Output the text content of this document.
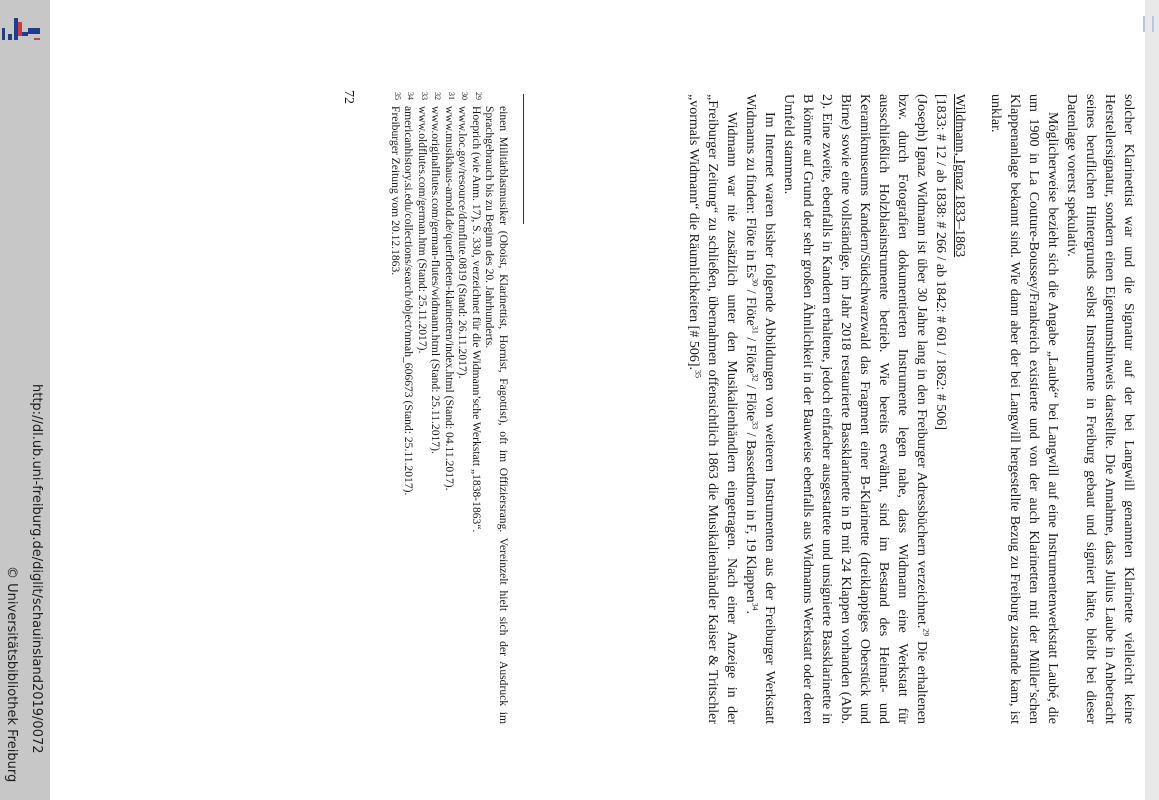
http://dl.ub.uni-freiburg.de/diglit/schauinsland2019/0072
© Universitätsbibliothek Freiburg	solcher Klarinettist war und die Signatur auf der bei Langwill genannten Klarinette vielleicht keine Herstellersignatur, sondern einen Eigentumshinweis darstellte. Die Annahme, dass Julius Laube in Anbetracht seines beruflichen Hintergrunds selbst Instrumente in Freiburg gebaut und signiert hätte, bleibt bei dieser Datenlage vorerst spekulativ.

Möglicherweise bezieht sich die Angabe „Laubé“ bei Langwill auf eine Instrumentenwerkstatt Laubé, die um 1900 in La Couture-Boussey/Frankreich existierte und von der auch Klarinetten mit der Müller’schen Klappenanlage bekannt sind. Wie dann aber der bei Langwill hergestellte Bezug zu Freiburg zustande kam, ist unklar.

Wildmann, Ignaz 1833–1863

[1833: # 12 / ab 1838: # 266 / ab 1842: # 601 / 1862: # 506]

(Joseph) Ignaz Widmann ist über 30 Jahre lang in den Freiburger Adressbüchern verzeichnet.$^{29}$ Die erhaltenen bzw. durch Fotografien dokumentierten Instrumente legen nahe, dass Widmann eine Werkstatt für ausschließlich Holzblasinstrumente betrieb. Wie bereits erwähnt, sind im Bestand des Heimat- und Keramikmuseums Kandern/Südschwarzwald das Fragment einer B-Klarinette (dreiklappiges Oberstück und Birne) sowie eine vollständige, im Jahr 2018 restaurierte Bassklarinette in B mit 24 Klappen vorhanden (Abb. 2). Eine zweite, ebenfalls in Kandern erhaltene, jedoch einfacher ausgestattete und unsignierte Bassklarinette in B könnte auf Grund der sehr großen Ähnlichkeit in der Bauweise ebenfalls aus Widmanns Werkstatt oder deren Umfeld stammen.

Im Internet waren bisher folgende Abbildungen von weiteren Instrumenten aus der Freiburger Werkstatt Widmanns zu finden: Flöte in Es$^{30}$ / Flöte$^{31}$ / Flöte$^{32}$ / Flöte$^{33}$ / Bassetthorn in F, 19 Klappen$^{34}$.

Widmann war nie zusätzlich unter den Musikalienhändlern eingetragen. Nach einer Anzeige in der „Freiburger Zeitung“ zu schließen, übernahmen offensichtlich 1863 die Musikalienhändler Kaiser & Tritschler „vormals Widmann“ die Räumlichkeiten [# 506].$^{35}$

einen Militärblasmusiker (Oboist, Klarinettist, Hornist, Fagottist), oft im Offiziersrang. Vereinzelt hielt sich der Ausdruck im Sprachgebrauch bis zu Beginn des 20. Jahrhunderts.

29
Hoeprich (wie Anm. 17), S. 330, verzeichnet für die Widmann’sche Werkstatt „1838-1863“.

30
www.loc.gov/resource/dcmflute.0819 (Stand: 26.11.2017).

31
www.musikhaus-arnold.de/querfloeten-klarinetten/index.html (Stand: 04.11.2017).

32
www.originalflutes.com/german-flutes/widmann.html (Stand: 25.11.2017).

33
www.oldflutes.com/german.htm (Stand: 25.11.2017).

34
americanhistory.si.edu/collections/search/object/nmah_606673 (Stand: 25.11.2017).

35
Freiburger Zeitung vom 20.12.1863.

72
